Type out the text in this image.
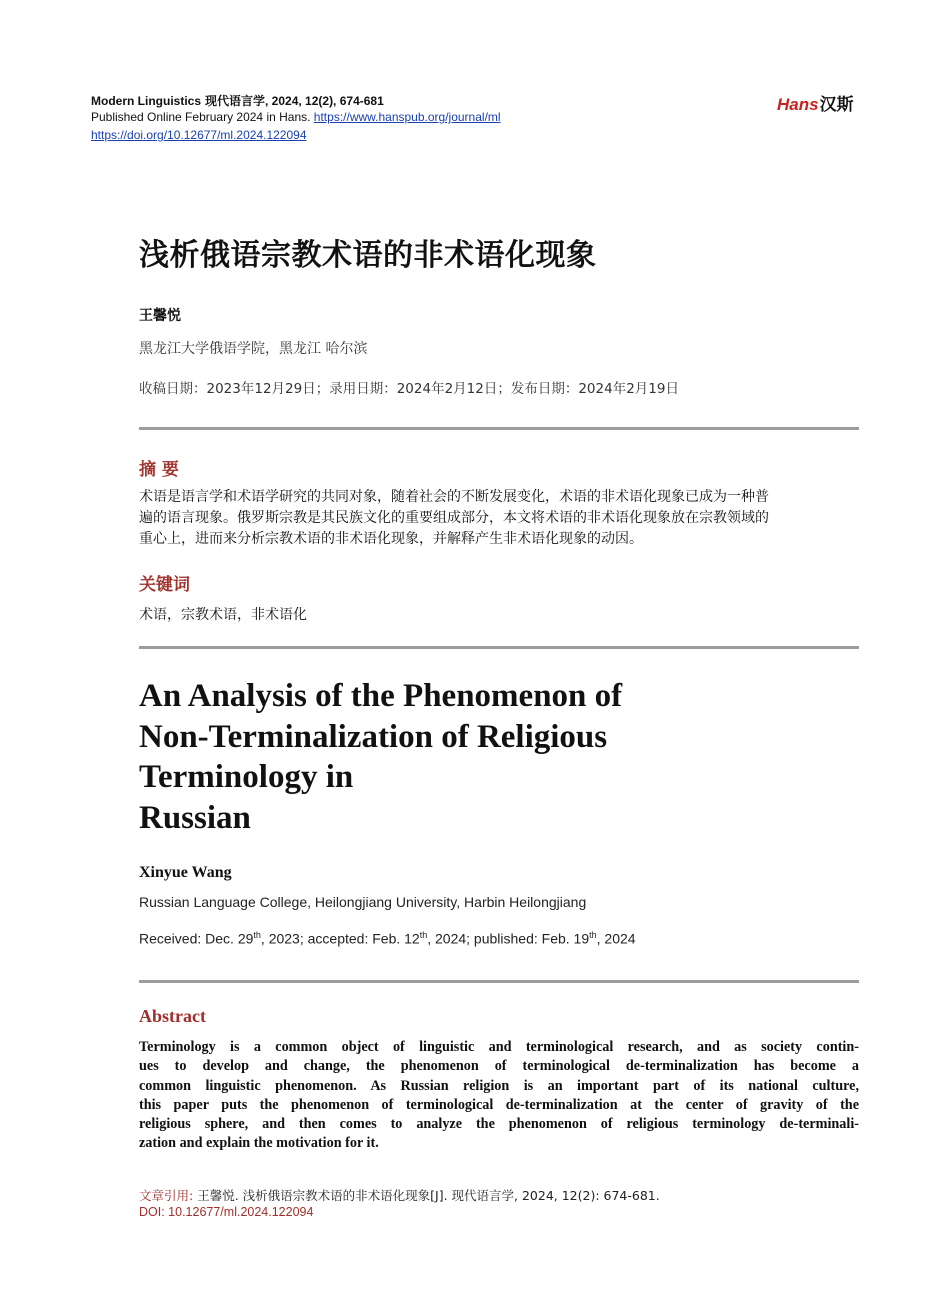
Modern Linguistics 现代语言学, 2024, 12(2), 674-681
Published Online February 2024 in Hans. https://www.hanspub.org/journal/ml
https://doi.org/10.12677/ml.2024.122094
Hans汉斯
浅析俄语宗教术语的非术语化现象
王馨悦
黑龙江大学俄语学院，黑龙江 哈尔滨
收稿日期：2023年12月29日；录用日期：2024年2月12日；发布日期：2024年2月19日
摘 要
术语是语言学和术语学研究的共同对象，随着社会的不断发展变化，术语的非术语化现象已成为一种普
遍的语言现象。俄罗斯宗教是其民族文化的重要组成部分，本文将术语的非术语化现象放在宗教领域的
重心上，进而来分析宗教术语的非术语化现象，并解释产生非术语化现象的动因。
关键词
术语，宗教术语，非术语化
An Analysis of the Phenomenon of
Non-Terminalization of Religious
Terminology in
Russian
Xinyue Wang
Russian Language College, Heilongjiang University, Harbin Heilongjiang
Received: Dec. 29th, 2023; accepted: Feb. 12th, 2024; published: Feb. 19th, 2024
Abstract
Terminology is a common object of linguistic and terminological research, and as society contin-
ues to develop and change, the phenomenon of terminological de-terminalization has become a
common linguistic phenomenon. As Russian religion is an important part of its national culture,
this paper puts the phenomenon of terminological de-terminalization at the center of gravity of the
religious sphere, and then comes to analyze the phenomenon of religious terminology de-terminali-
zation and explain the motivation for it.
文章引用: 王馨悦. 浅析俄语宗教术语的非术语化现象[J]. 现代语言学, 2024, 12(2): 674-681.
DOI: 10.12677/ml.2024.122094
